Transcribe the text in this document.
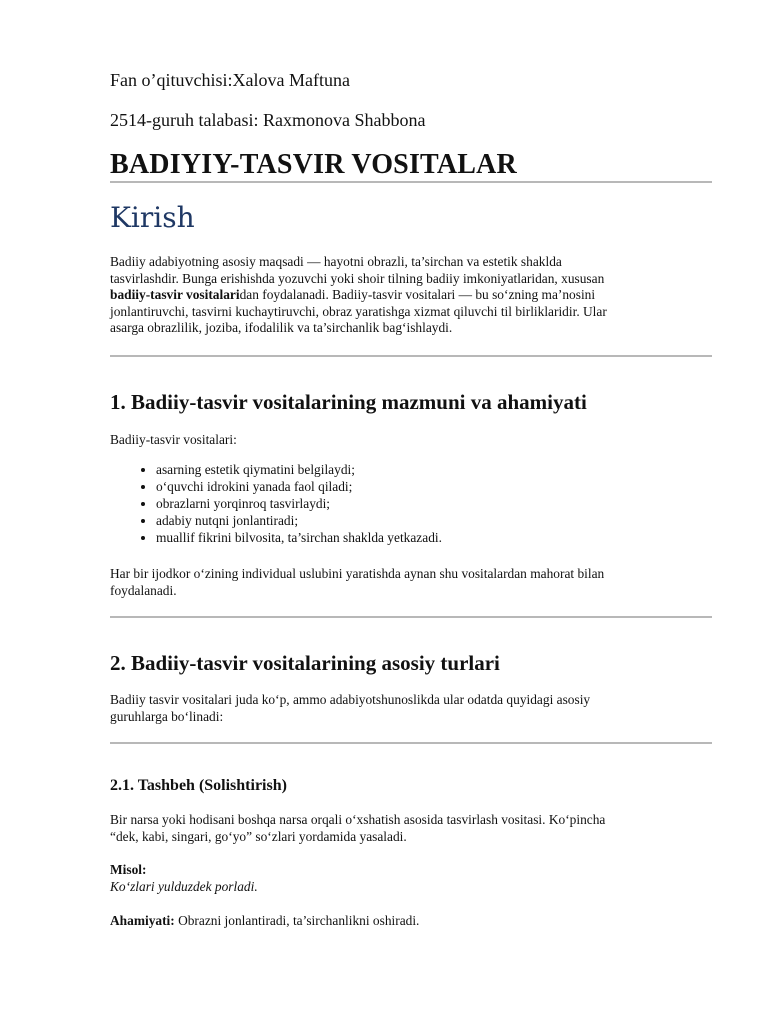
Fan o’qituvchisi:Xalova Maftuna
2514-guruh talabasi: Raxmonova Shabbona
BADIYIY-TASVIR VOSITALAR
Kirish
Badiiy adabiyotning asosiy maqsadi — hayotni obrazli, ta’sirchan va estetik shaklda
tasvirlashdir. Bunga erishishda yozuvchi yoki shoir tilning badiiy imkoniyatlaridan, xususan
badiiy-tasvir vositalaridan foydalanadi. Badiiy-tasvir vositalari — bu so‘zning ma’nosini
jonlantiruvchi, tasvirni kuchaytiruvchi, obraz yaratishga xizmat qiluvchi til birliklaridir. Ular
asarga obrazlilik, joziba, ifodalilik va ta’sirchanlik bag‘ishlaydi.
1. Badiiy-tasvir vositalarining mazmuni va ahamiyati
Badiiy-tasvir vositalari:
• asarning estetik qiymatini belgilaydi;
• o‘quvchi idrokini yanada faol qiladi;
• obrazlarni yorqinroq tasvirlaydi;
• adabiy nutqni jonlantiradi;
• muallif fikrini bilvosita, ta’sirchan shaklda yetkazadi.
Har bir ijodkor o‘zining individual uslubini yaratishda aynan shu vositalardan mahorat bilan
foydalanadi.
2. Badiiy-tasvir vositalarining asosiy turlari
Badiiy tasvir vositalari juda ko‘p, ammo adabiyotshunoslikda ular odatda quyidagi asosiy
guruhlarga bo‘linadi:
2.1. Tashbeh (Solishtirish)
Bir narsa yoki hodisani boshqa narsa orqali o‘xshatish asosida tasvirlash vositasi. Ko‘pincha
“dek, kabi, singari, go‘yo” so‘zlari yordamida yasaladi.
Misol:
Ko‘zlari yulduzdek porladi.
Ahamiyati: Obrazni jonlantiradi, ta’sirchanlikni oshiradi.
